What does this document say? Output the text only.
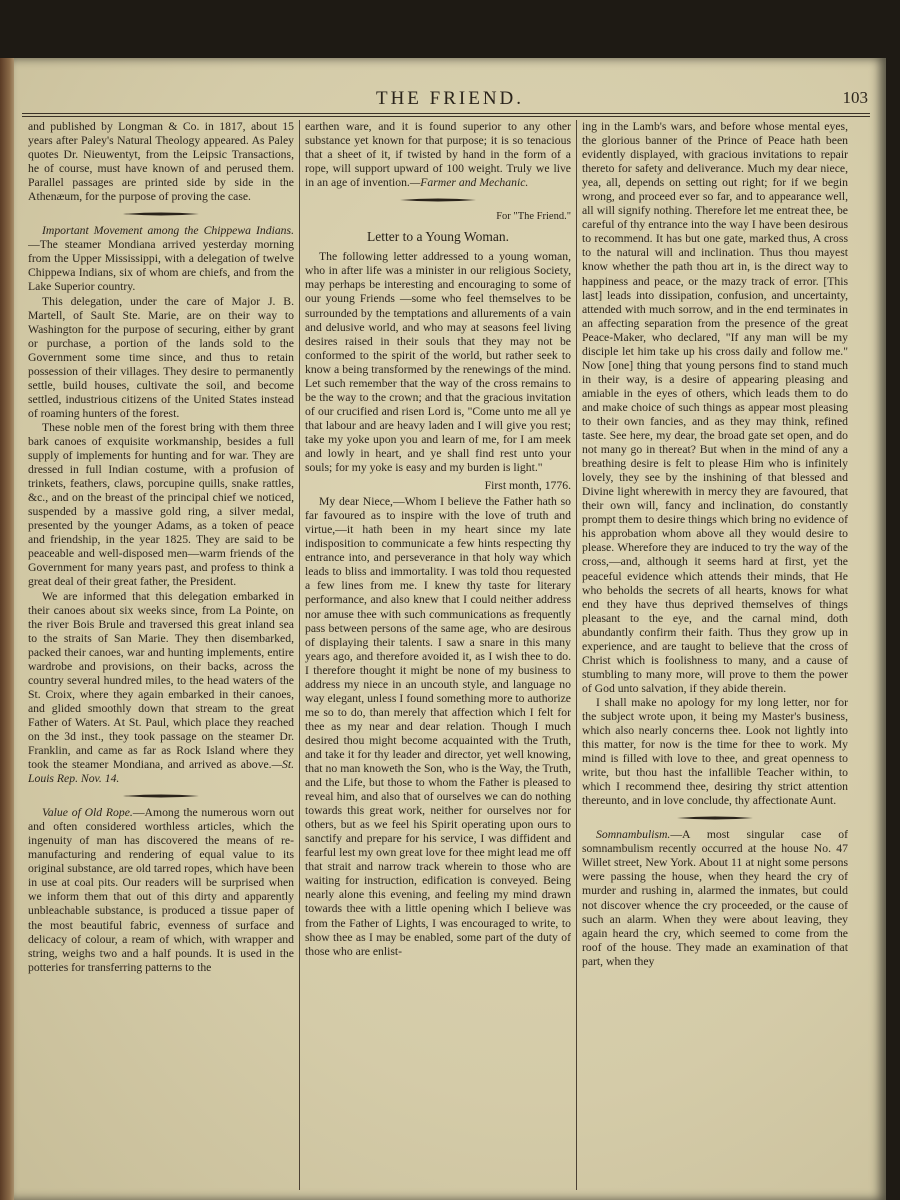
THE FRIEND.	103

and published by Longman & Co. in 1817, about 15 years after Paley's Natural Theology appeared. As Paley quotes Dr. Nieuwentyt, from the Leipsic Transactions, he of course, must have known of and perused them. Parallel passages are printed side by side in the Athenæum, for the purpose of proving the case.

Important Movement among the Chippewa Indians.—The steamer Mondiana arrived yesterday morning from the Upper Mississippi, with a delegation of twelve Chippewa Indians, six of whom are chiefs, and from the Lake Superior country.

This delegation, under the care of Major J. B. Martell, of Sault Ste. Marie, are on their way to Washington for the purpose of securing, either by grant or purchase, a portion of the lands sold to the Government some time since, and thus to retain possession of their villages. They desire to permanently settle, build houses, cultivate the soil, and become settled, industrious citizens of the United States instead of roaming hunters of the forest.

These noble men of the forest bring with them three bark canoes of exquisite workmanship, besides a full supply of implements for hunting and for war. They are dressed in full Indian costume, with a profusion of trinkets, feathers, claws, porcupine quills, snake rattles, &c., and on the breast of the principal chief we noticed, suspended by a massive gold ring, a silver medal, presented by the younger Adams, as a token of peace and friendship, in the year 1825. They are said to be peaceable and well-disposed men—warm friends of the Government for many years past, and profess to think a great deal of their great father, the President.

We are informed that this delegation embarked in their canoes about six weeks since, from La Pointe, on the river Bois Brule and traversed this great inland sea to the straits of San Marie. They then disembarked, packed their canoes, war and hunting implements, entire wardrobe and provisions, on their backs, across the country several hundred miles, to the head waters of the St. Croix, where they again embarked in their canoes, and glided smoothly down that stream to the great Father of Waters. At St. Paul, which place they reached on the 3d inst., they took passage on the steamer Dr. Franklin, and came as far as Rock Island where they took the steamer Mondiana, and arrived as above.—St. Louis Rep. Nov. 14.

Value of Old Rope.—Among the numerous worn out and often considered worthless articles, which the ingenuity of man has discovered the means of re-manufacturing and rendering of equal value to its original substance, are old tarred ropes, which have been in use at coal pits. Our readers will be surprised when we inform them that out of this dirty and apparently unbleachable substance, is produced a tissue paper of the most beautiful fabric, evenness of surface and delicacy of colour, a ream of which, with wrapper and string, weighs two and a half pounds. It is used in the potteries for transferring patterns to the

earthen ware, and it is found superior to any other substance yet known for that purpose; it is so tenacious that a sheet of it, if twisted by hand in the form of a rope, will support upward of 100 weight. Truly we live in an age of invention.—Farmer and Mechanic.

For "The Friend."

Letter to a Young Woman.

The following letter addressed to a young woman, who in after life was a minister in our religious Society, may perhaps be interesting and encouraging to some of our young Friends —some who feel themselves to be surrounded by the temptations and allurements of a vain and delusive world, and who may at seasons feel living desires raised in their souls that they may not be conformed to the spirit of the world, but rather seek to know a being transformed by the renewings of the mind. Let such remember that the way of the cross remains to be the way to the crown; and that the gracious invitation of our crucified and risen Lord is, "Come unto me all ye that labour and are heavy laden and I will give you rest; take my yoke upon you and learn of me, for I am meek and lowly in heart, and ye shall find rest unto your souls; for my yoke is easy and my burden is light."

First month, 1776.

My dear Niece,—Whom I believe the Father hath so far favoured as to inspire with the love of truth and virtue,—it hath been in my heart since my late indisposition to communicate a few hints respecting thy entrance into, and perseverance in that holy way which leads to bliss and immortality. I was told thou requested a few lines from me. I knew thy taste for literary performance, and also knew that I could neither address nor amuse thee with such communications as frequently pass between persons of the same age, who are desirous of displaying their talents. I saw a snare in this many years ago, and therefore avoided it, as I wish thee to do. I therefore thought it might be none of my business to address my niece in an uncouth style, and language no way elegant, unless I found something more to authorize me so to do, than merely that affection which I felt for thee as my near and dear relation. Though I much desired thou might become acquainted with the Truth, and take it for thy leader and director, yet well knowing, that no man knoweth the Son, who is the Way, the Truth, and the Life, but those to whom the Father is pleased to reveal him, and also that of ourselves we can do nothing towards this great work, neither for ourselves nor for others, but as we feel his Spirit operating upon ours to sanctify and prepare for his service, I was diffident and fearful lest my own great love for thee might lead me off that strait and narrow track wherein to those who are waiting for instruction, edification is conveyed. Being nearly alone this evening, and feeling my mind drawn towards thee with a little opening which I believe was from the Father of Lights, I was encouraged to write, to show thee as I may be enabled, some part of the duty of those who are enlist-

ing in the Lamb's wars, and before whose mental eyes, the glorious banner of the Prince of Peace hath been evidently displayed, with gracious invitations to repair thereto for safety and deliverance. Much my dear niece, yea, all, depends on setting out right; for if we begin wrong, and proceed ever so far, and to appearance well, all will signify nothing. Therefore let me entreat thee, be careful of thy entrance into the way I have been desirous to recommend. It has but one gate, marked thus, A cross to the natural will and inclination. Thus thou mayest know whether the path thou art in, is the direct way to happiness and peace, or the mazy track of error. [This last] leads into dissipation, confusion, and uncertainty, attended with much sorrow, and in the end terminates in an affecting separation from the presence of the great Peace-Maker, who declared, "If any man will be my disciple let him take up his cross daily and follow me." Now [one] thing that young persons find to stand much in their way, is a desire of appearing pleasing and amiable in the eyes of others, which leads them to do and make choice of such things as appear most pleasing to their own fancies, and as they may think, refined taste. See here, my dear, the broad gate set open, and do not many go in thereat? But when in the mind of any a breathing desire is felt to please Him who is infinitely lovely, they see by the inshining of that blessed and Divine light wherewith in mercy they are favoured, that their own will, fancy and inclination, do constantly prompt them to desire things which bring no evidence of his approbation whom above all they would desire to please. Wherefore they are induced to try the way of the cross,—and, although it seems hard at first, yet the peaceful evidence which attends their minds, that He who beholds the secrets of all hearts, knows for what end they have thus deprived themselves of things pleasant to the eye, and the carnal mind, doth abundantly confirm their faith. Thus they grow up in experience, and are taught to believe that the cross of Christ which is foolishness to many, and a cause of stumbling to many more, will prove to them the power of God unto salvation, if they abide therein.

I shall make no apology for my long letter, nor for the subject wrote upon, it being my Master's business, which also nearly concerns thee. Look not lightly into this matter, for now is the time for thee to work. My mind is filled with love to thee, and great openness to write, but thou hast the infallible Teacher within, to which I recommend thee, desiring thy strict attention thereunto, and in love conclude, thy affectionate Aunt.

Somnambulism.—A most singular case of somnambulism recently occurred at the house No. 47 Willet street, New York. About 11 at night some persons were passing the house, when they heard the cry of murder and rushing in, alarmed the inmates, but could not discover whence the cry proceeded, or the cause of such an alarm. When they were about leaving, they again heard the cry, which seemed to come from the roof of the house. They made an examination of that part, when they
